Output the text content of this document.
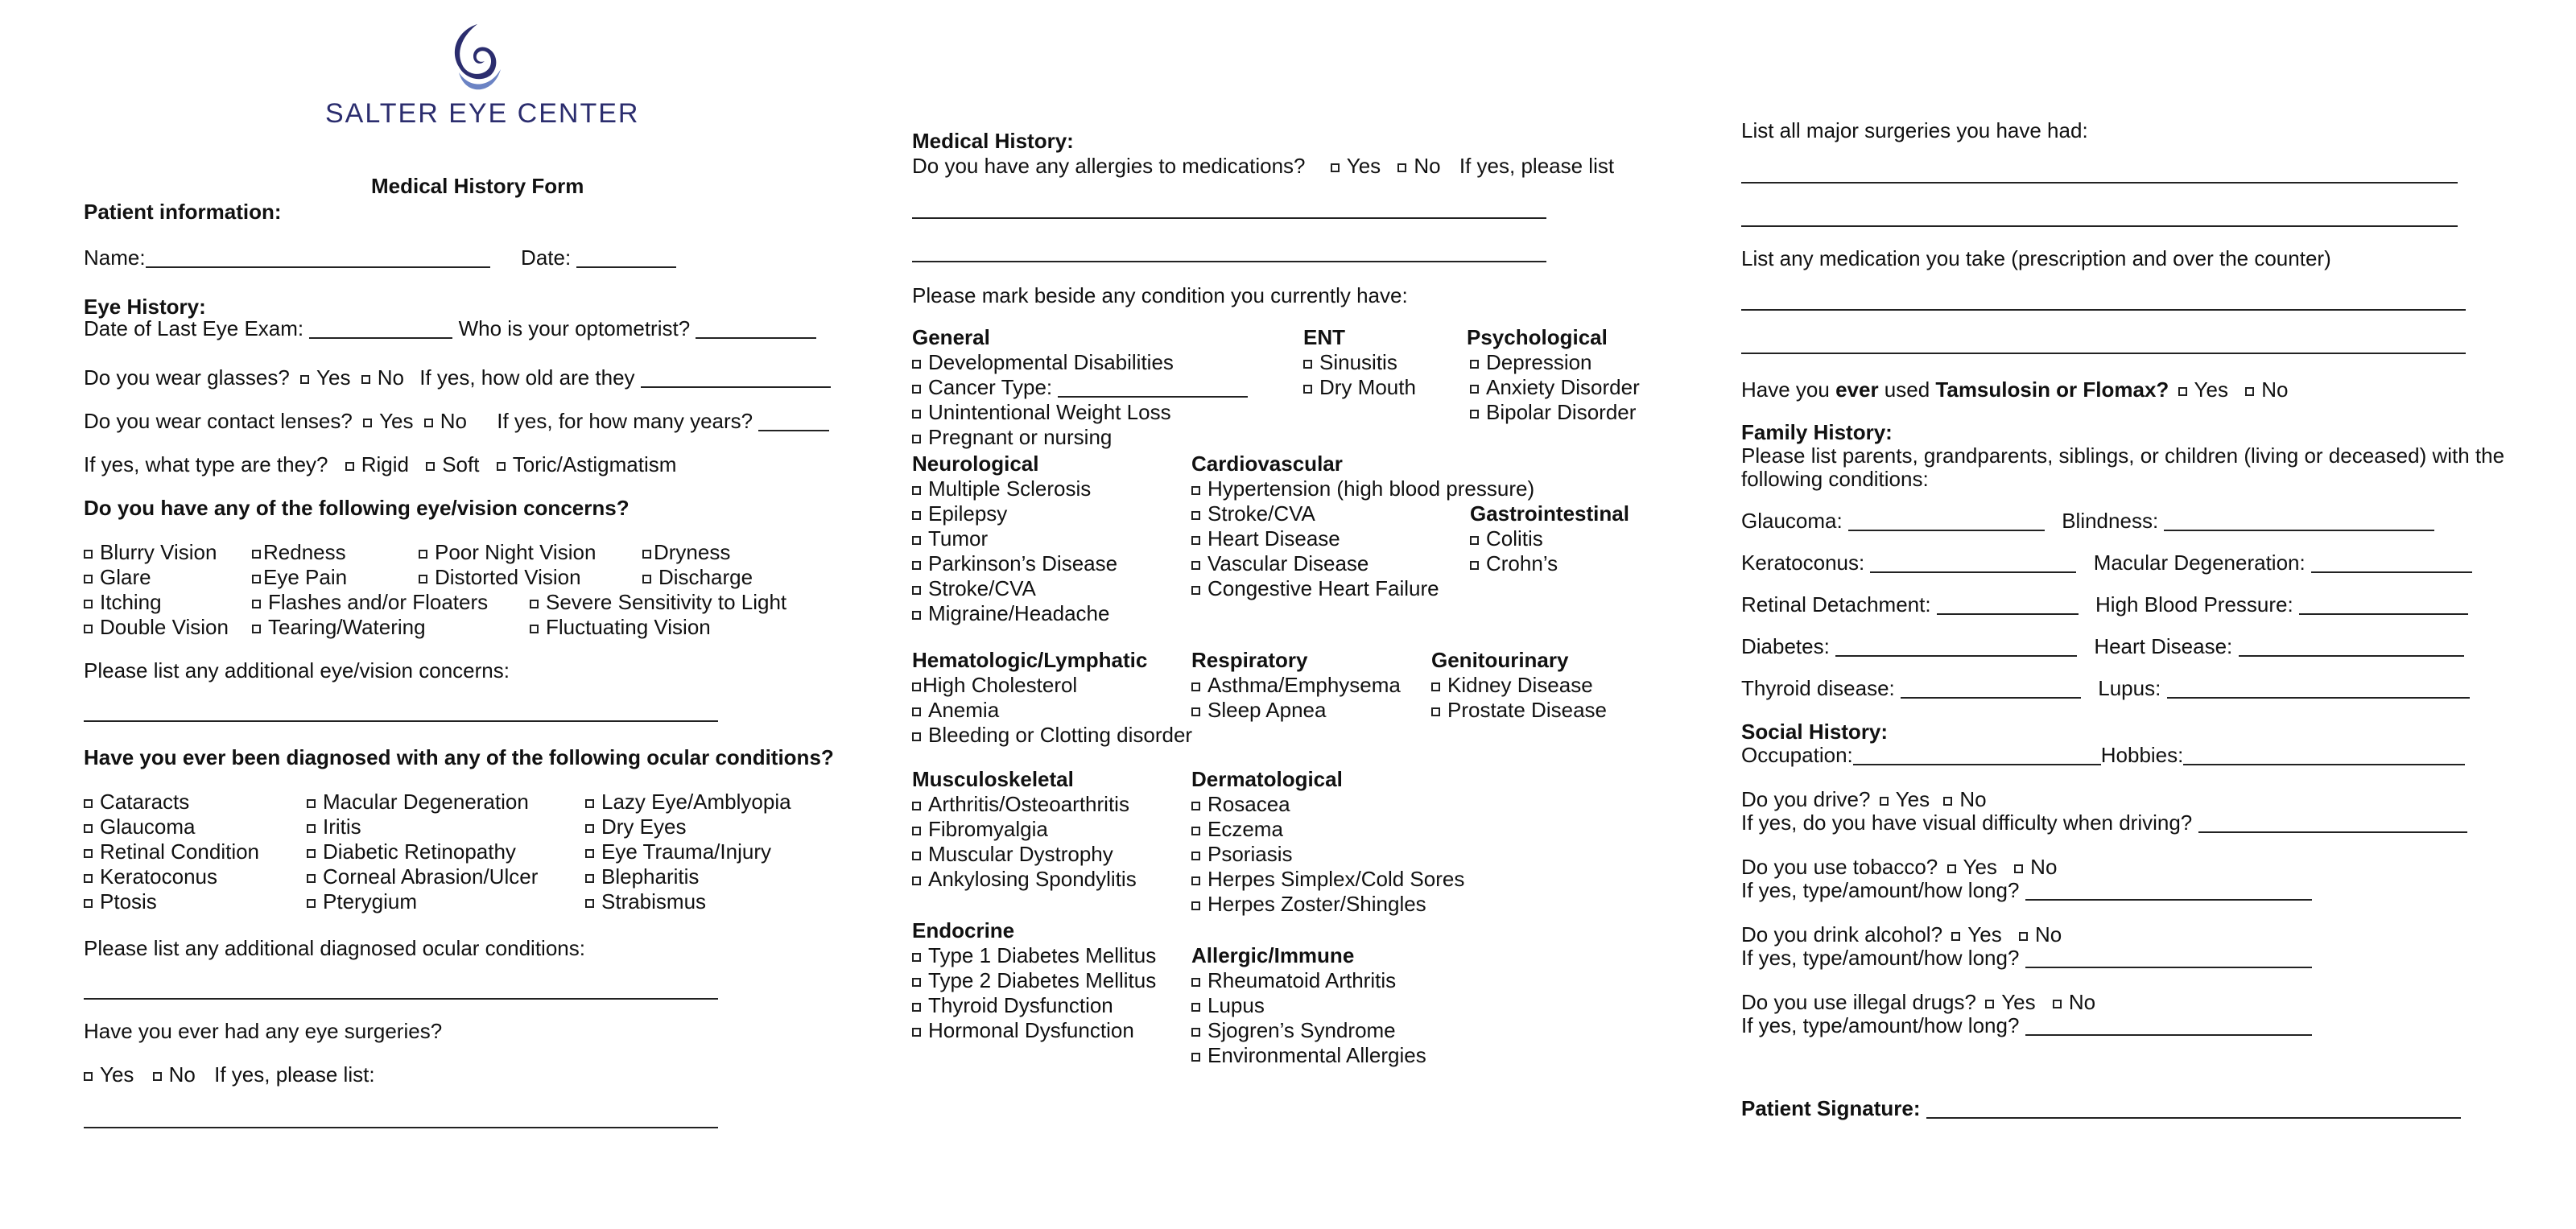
SALTER EYE CENTER
Medical History Form
Patient information:
Name:	Date:
Eye History:
Date of Last Eye Exam:	Who is your optometrist?
Do you wear glasses? Yes No If yes, how old are they
Do you wear contact lenses? Yes No If yes, for how many years?
If yes, what type are they? Rigid Soft Toric/Astigmatism
Do you have any of the following eye/vision concerns?
Blurry Vision	Redness	Poor Night Vision	Dryness
Glare	Eye Pain	Distorted Vision	Discharge
Itching	Flashes and/or Floaters	Severe Sensitivity to Light
Double Vision	Tearing/Watering	Fluctuating Vision
Please list any additional eye/vision concerns:
Have you ever been diagnosed with any of the following ocular conditions?
Cataracts	Macular Degeneration	Lazy Eye/Amblyopia
Glaucoma	Iritis	Dry Eyes
Retinal Condition	Diabetic Retinopathy	Eye Trauma/Injury
Keratoconus	Corneal Abrasion/Ulcer	Blepharitis
Ptosis	Pterygium	Strabismus
Please list any additional diagnosed ocular conditions:
Have you ever had any eye surgeries?
Yes No If yes, please list:
Medical History:
Do you have any allergies to medications? Yes No If yes, please list
Please mark beside any condition you currently have:
General
Developmental Disabilities
Cancer Type:
Unintentional Weight Loss
Pregnant or nursing
ENT
Sinusitis
Dry Mouth
Psychological
Depression
Anxiety Disorder
Bipolar Disorder
Neurological
Multiple Sclerosis
Epilepsy
Tumor
Parkinson’s Disease
Stroke/CVA
Migraine/Headache
Cardiovascular
Hypertension (high blood pressure)
Stroke/CVA
Heart Disease
Vascular Disease
Congestive Heart Failure
Gastrointestinal
Colitis
Crohn’s
Hematologic/Lymphatic
High Cholesterol
Anemia
Bleeding or Clotting disorder
Respiratory
Asthma/Emphysema
Sleep Apnea
Genitourinary
Kidney Disease
Prostate Disease
Musculoskeletal
Arthritis/Osteoarthritis
Fibromyalgia
Muscular Dystrophy
Ankylosing Spondylitis
Dermatological
Rosacea
Eczema
Psoriasis
Herpes Simplex/Cold Sores
Herpes Zoster/Shingles
Endocrine
Type 1 Diabetes Mellitus
Type 2 Diabetes Mellitus
Thyroid Dysfunction
Hormonal Dysfunction
Allergic/Immune
Rheumatoid Arthritis
Lupus
Sjogren’s Syndrome
Environmental Allergies
List all major surgeries you have had:
List any medication you take (prescription and over the counter)
Have you ever used Tamsulosin or Flomax? Yes No
Family History:
Please list parents, grandparents, siblings, or children (living or deceased) with the
following conditions:
Glaucoma:	Blindness:
Keratoconus:	Macular Degeneration:
Retinal Detachment:	High Blood Pressure:
Diabetes:	Heart Disease:
Thyroid disease:	Lupus:
Social History:
Occupation:	Hobbies:
Do you drive? Yes No
If yes, do you have visual difficulty when driving?
Do you use tobacco? Yes No
If yes, type/amount/how long?
Do you drink alcohol? Yes No
If yes, type/amount/how long?
Do you use illegal drugs? Yes No
If yes, type/amount/how long?
Patient Signature:
